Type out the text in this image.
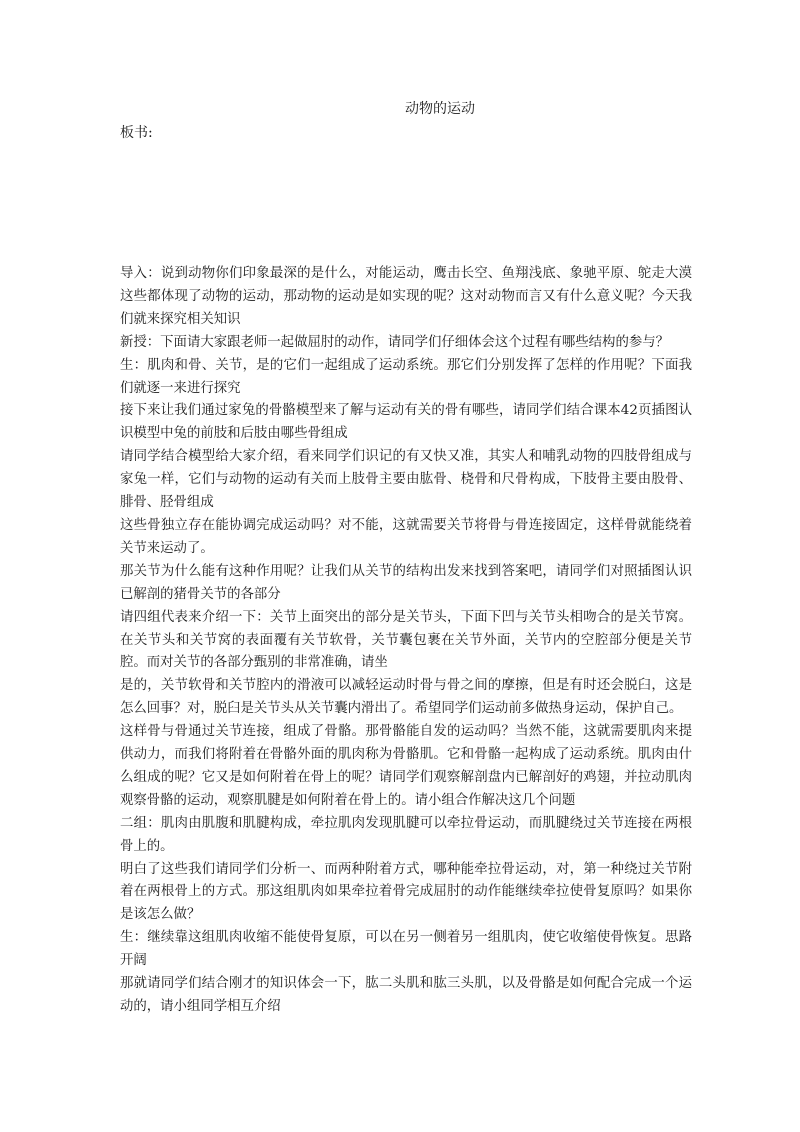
动物的运动
板书:

导入：说到动物你们印象最深的是什么，对能运动，鹰击长空、鱼翔浅底、象驰平原、鸵走大漠这些都体现了动物的运动，那动物的运动是如实现的呢？这对动物而言又有什么意义呢？今天我们就来探究相关知识

新授：下面请大家跟老师一起做屈肘的动作，请同学们仔细体会这个过程有哪些结构的参与？

生：肌肉和骨、关节，是的它们一起组成了运动系统。那它们分别发挥了怎样的作用呢？下面我们就逐一来进行探究

接下来让我们通过家兔的骨骼模型来了解与运动有关的骨有哪些，请同学们结合课本42页插图认识模型中兔的前肢和后肢由哪些骨组成

请同学结合模型给大家介绍，看来同学们识记的有又快又准，其实人和哺乳动物的四肢骨组成与家兔一样，它们与动物的运动有关而上肢骨主要由肱骨、桡骨和尺骨构成，下肢骨主要由股骨、腓骨、胫骨组成

这些骨独立存在能协调完成运动吗？对不能，这就需要关节将骨与骨连接固定，这样骨就能绕着关节来运动了。

那关节为什么能有这种作用呢？让我们从关节的结构出发来找到答案吧，请同学们对照插图认识已解剖的猪骨关节的各部分

请四组代表来介绍一下：关节上面突出的部分是关节头，下面下凹与关节头相吻合的是关节窝。在关节头和关节窝的表面覆有关节软骨，关节囊包裹在关节外面，关节内的空腔部分便是关节腔。而对关节的各部分甄别的非常准确，请坐

是的，关节软骨和关节腔内的滑液可以减轻运动时骨与骨之间的摩擦，但是有时还会脱臼，这是怎么回事？对，脱臼是关节头从关节囊内滑出了。希望同学们运动前多做热身运动，保护自己。

这样骨与骨通过关节连接，组成了骨骼。那骨骼能自发的运动吗？当然不能，这就需要肌肉来提供动力，而我们将附着在骨骼外面的肌肉称为骨骼肌。它和骨骼一起构成了运动系统。肌肉由什么组成的呢？它又是如何附着在骨上的呢？请同学们观察解剖盘内已解剖好的鸡翅，并拉动肌肉观察骨骼的运动，观察肌腱是如何附着在骨上的。请小组合作解决这几个问题

二组：肌肉由肌腹和肌腱构成，牵拉肌肉发现肌腱可以牵拉骨运动，而肌腱绕过关节连接在两根骨上的。

明白了这些我们请同学们分析一、而两种附着方式，哪种能牵拉骨运动，对，第一种绕过关节附着在两根骨上的方式。那这组肌肉如果牵拉着骨完成屈肘的动作能继续牵拉使骨复原吗？如果你是该怎么做？

生：继续靠这组肌肉收缩不能使骨复原，可以在另一侧着另一组肌肉，使它收缩使骨恢复。思路开阔

那就请同学们结合刚才的知识体会一下，肱二头肌和肱三头肌，以及骨骼是如何配合完成一个运动的，请小组同学相互介绍
